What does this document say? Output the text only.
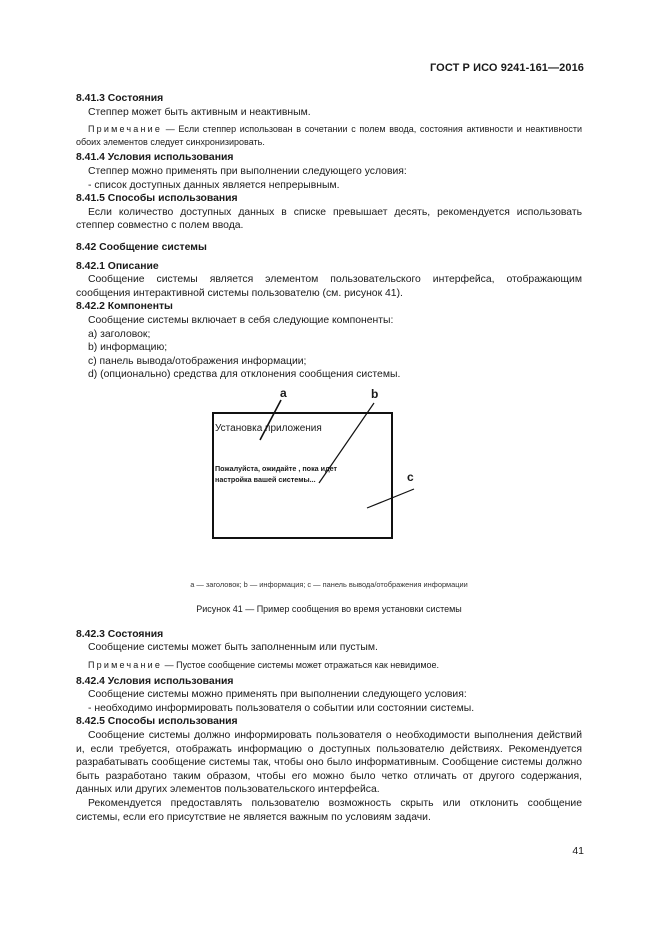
ГОСТ Р ИСО 9241-161—2016

8.41.3 Состояния

Степпер может быть активным и неактивным.

Примечание — Если степпер использован в сочетании с полем ввода, состояния активности и неактивности обоих элементов следует синхронизировать.

8.41.4 Условия использования

Степпер можно применять при выполнении следующего условия:

- список доступных данных является непрерывным.

8.41.5 Способы использования

Если количество доступных данных в списке превышает десять, рекомендуется использовать степпер совместно с полем ввода.

8.42 Сообщение системы

8.42.1 Описание

Сообщение системы является элементом пользовательского интерфейса, отображающим сообщения интерактивной системы пользователю (см. рисунок 41).

8.42.2 Компоненты

Сообщение системы включает в себя следующие компоненты:

a) заголовок;

b) информацию;

c) панель вывода/отображения информации;

d) (опционально) средства для отклонения сообщения системы.

Установка приложения
Пожалуйста, ожидайте , пока идет
настройка вашей системы...
a	b
c
a — заголовок; b — информация; c — панель вывода/отображения информации
Рисунок 41 — Пример сообщения во время установки системы

8.42.3 Состояния

Сообщение системы может быть заполненным или пустым.

Примечание — Пустое сообщение системы может отражаться как невидимое.

8.42.4 Условия использования

Сообщение системы можно применять при выполнении следующего условия:

- необходимо информировать пользователя о событии или состоянии системы.

8.42.5 Способы использования

Сообщение системы должно информировать пользователя о необходимости выполнения действий и, если требуется, отображать информацию о доступных пользователю действиях. Рекомендуется разрабатывать сообщение системы так, чтобы оно было информативным. Сообщение системы должно быть разработано таким образом, чтобы его можно было четко отличать от другого содержания, данных или других элементов пользовательского интерфейса.

Рекомендуется предоставлять пользователю возможность скрыть или отклонить сообщение системы, если его присутствие не является важным по условиям задачи.

41
